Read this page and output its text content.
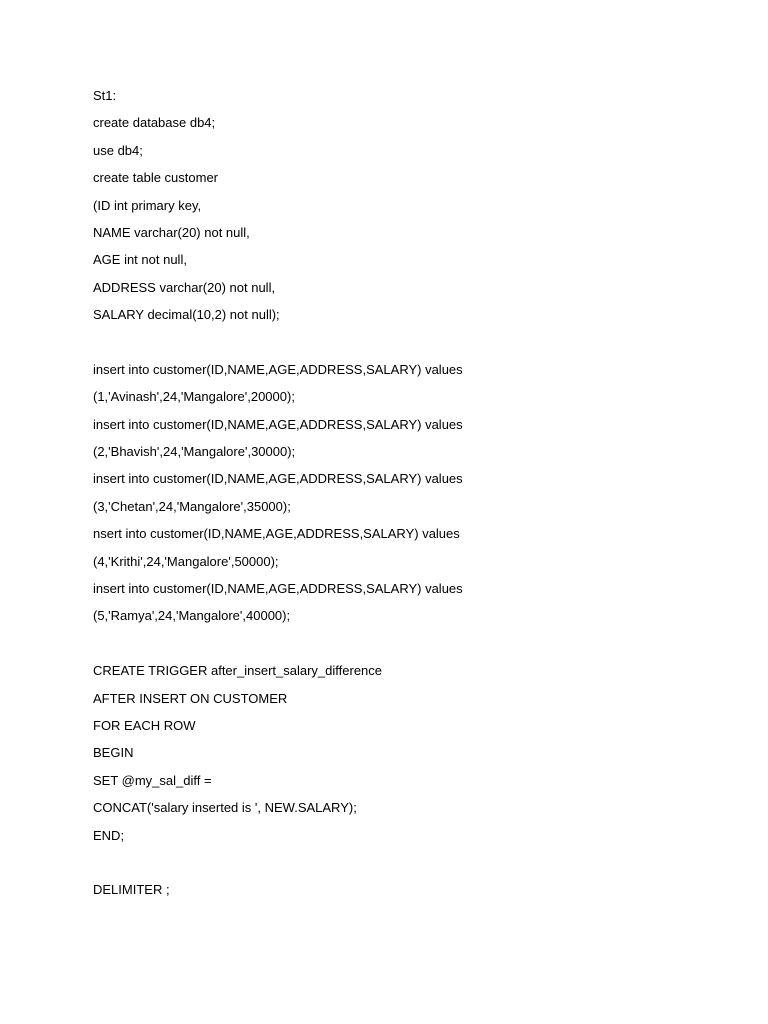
St1:
create database db4;
use db4;
create table customer
(ID int primary key,
NAME varchar(20) not null,
AGE int not null,
ADDRESS varchar(20) not null,
SALARY decimal(10,2) not null);
insert into customer(ID,NAME,AGE,ADDRESS,SALARY) values
(1,'Avinash',24,'Mangalore',20000);
insert into customer(ID,NAME,AGE,ADDRESS,SALARY) values
(2,'Bhavish',24,'Mangalore',30000);
insert into customer(ID,NAME,AGE,ADDRESS,SALARY) values
(3,'Chetan',24,'Mangalore',35000);
nsert into customer(ID,NAME,AGE,ADDRESS,SALARY) values
(4,'Krithi',24,'Mangalore',50000);
insert into customer(ID,NAME,AGE,ADDRESS,SALARY) values
(5,'Ramya',24,'Mangalore',40000);
CREATE TRIGGER after_insert_salary_difference
AFTER INSERT ON CUSTOMER
FOR EACH ROW
BEGIN
SET @my_sal_diff =
CONCAT('salary inserted is ', NEW.SALARY);
END;
DELIMITER ;
